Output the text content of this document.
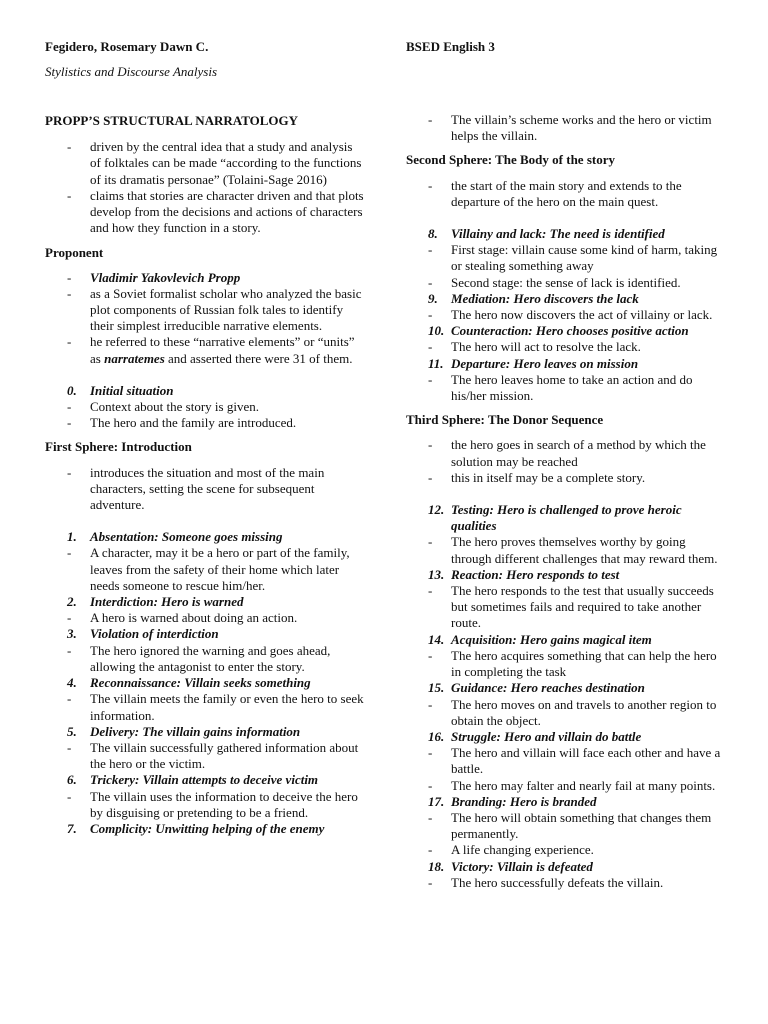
Fegidero, Rosemary Dawn C.	BSED English 3
Stylistics and Discourse Analysis
PROPP’S STRUCTURAL NARRATOLOGY
- driven by the central idea that a study and analysis of folktales can be made “according to the functions of its dramatis personae” (Tolaini-Sage 2016)
- claims that stories are character driven and that plots develop from the decisions and actions of characters and how they function in a story.
Proponent
- Vladimir Yakovlevich Propp
- as a Soviet formalist scholar who analyzed the basic plot components of Russian folk tales to identify their simplest irreducible narrative elements.
- he referred to these “narrative elements” or “units” as narratemes and asserted there were 31 of them.
0.	Initial situation
- Context about the story is given.
- The hero and the family are introduced.
First Sphere: Introduction
- introduces the situation and most of the main characters, setting the scene for subsequent adventure.
1.	Absentation: Someone goes missing
- A character, may it be a hero or part of the family, leaves from the safety of their home which later needs someone to rescue him/her.
2.	Interdiction: Hero is warned
- A hero is warned about doing an action.
3.	Violation of interdiction
- The hero ignored the warning and goes ahead, allowing the antagonist to enter the story.
4.	Reconnaissance: Villain seeks something
- The villain meets the family or even the hero to seek information.
5.	Delivery: The villain gains information
- The villain successfully gathered information about the hero or the victim.
6.	Trickery: Villain attempts to deceive victim
- The villain uses the information to deceive the hero by disguising or pretending to be a friend.
7.	Complicity: Unwitting helping of the enemy
- The villain’s scheme works and the hero or victim helps the villain.
Second Sphere: The Body of the story
- the start of the main story and extends to the departure of the hero on the main quest.
8.	Villainy and lack: The need is identified
- First stage: villain cause some kind of harm, taking or stealing something away
- Second stage: the sense of lack is identified.
9.	Mediation: Hero discovers the lack
- The hero now discovers the act of villainy or lack.
10. Counteraction: Hero chooses positive action
- The hero will act to resolve the lack.
11. Departure: Hero leaves on mission
- The hero leaves home to take an action and do his/her mission.
Third Sphere: The Donor Sequence
- the hero goes in search of a method by which the solution may be reached
- this in itself may be a complete story.
12. Testing: Hero is challenged to prove heroic qualities
- The hero proves themselves worthy by going through different challenges that may reward them.
13. Reaction: Hero responds to test
- The hero responds to the test that usually succeeds but sometimes fails and required to take another route.
14. Acquisition: Hero gains magical item
- The hero acquires something that can help the hero in completing the task
15. Guidance: Hero reaches destination
- The hero moves on and travels to another region to obtain the object.
16. Struggle: Hero and villain do battle
- The hero and villain will face each other and have a battle.
- The hero may falter and nearly fail at many points.
17. Branding: Hero is branded
- The hero will obtain something that changes them permanently.
- A life changing experience.
18. Victory: Villain is defeated
- The hero successfully defeats the villain.
